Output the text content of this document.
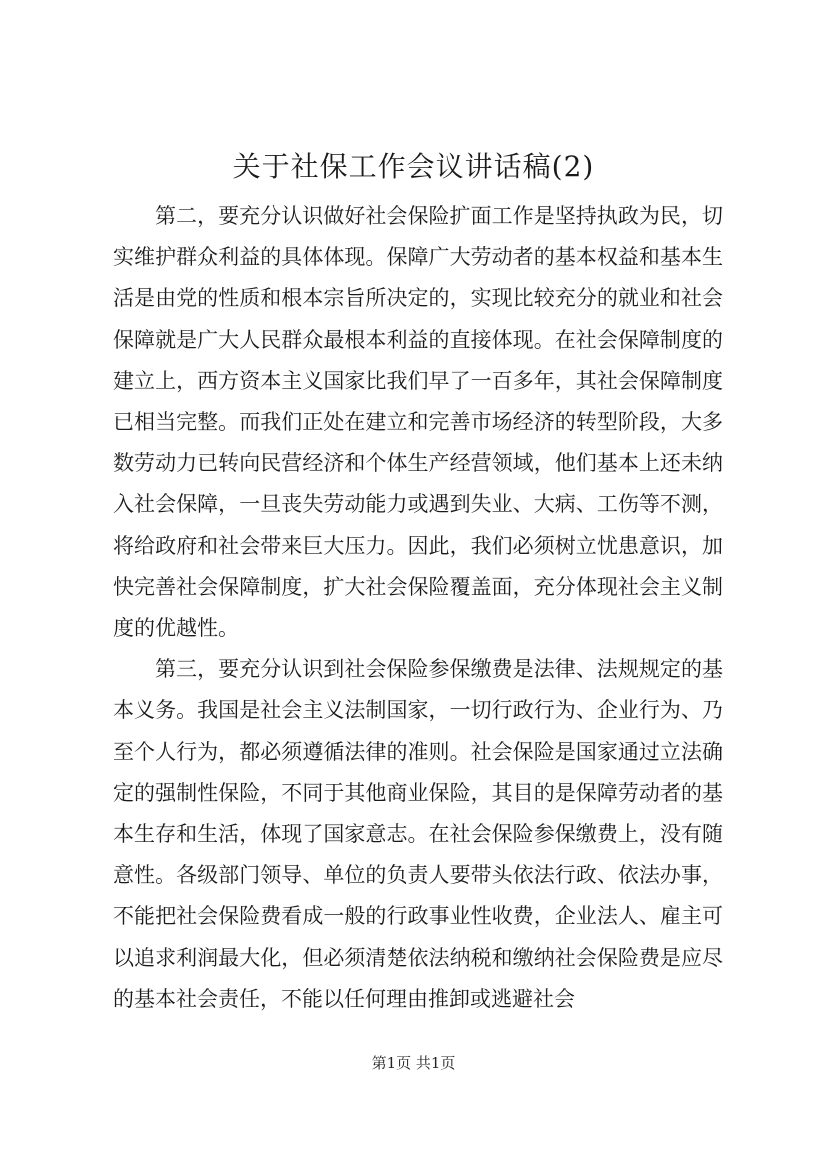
关于社保工作会议讲话稿(2)

第二，要充分认识做好社会保险扩面工作是坚持执政为民，切实维护群众利益的具体体现。保障广大劳动者的基本权益和基本生活是由党的性质和根本宗旨所决定的，实现比较充分的就业和社会保障就是广大人民群众最根本利益的直接体现。在社会保障制度的建立上，西方资本主义国家比我们早了一百多年，其社会保障制度已相当完整。而我们正处在建立和完善市场经济的转型阶段，大多数劳动力已转向民营经济和个体生产经营领域，他们基本上还未纳入社会保障，一旦丧失劳动能力或遇到失业、大病、工伤等不测，将给政府和社会带来巨大压力。因此，我们必须树立忧患意识，加快完善社会保障制度，扩大社会保险覆盖面，充分体现社会主义制度的优越性。

第三，要充分认识到社会保险参保缴费是法律、法规规定的基本义务。我国是社会主义法制国家，一切行政行为、企业行为、乃至个人行为，都必须遵循法律的准则。社会保险是国家通过立法确定的强制性保险，不同于其他商业保险，其目的是保障劳动者的基本生存和生活，体现了国家意志。在社会保险参保缴费上，没有随意性。各级部门领导、单位的负责人要带头依法行政、依法办事，不能把社会保险费看成一般的行政事业性收费，企业法人、雇主可以追求利润最大化，但必须清楚依法纳税和缴纳社会保险费是应尽的基本社会责任，不能以任何理由推卸或逃避社会

第1页 共1页
